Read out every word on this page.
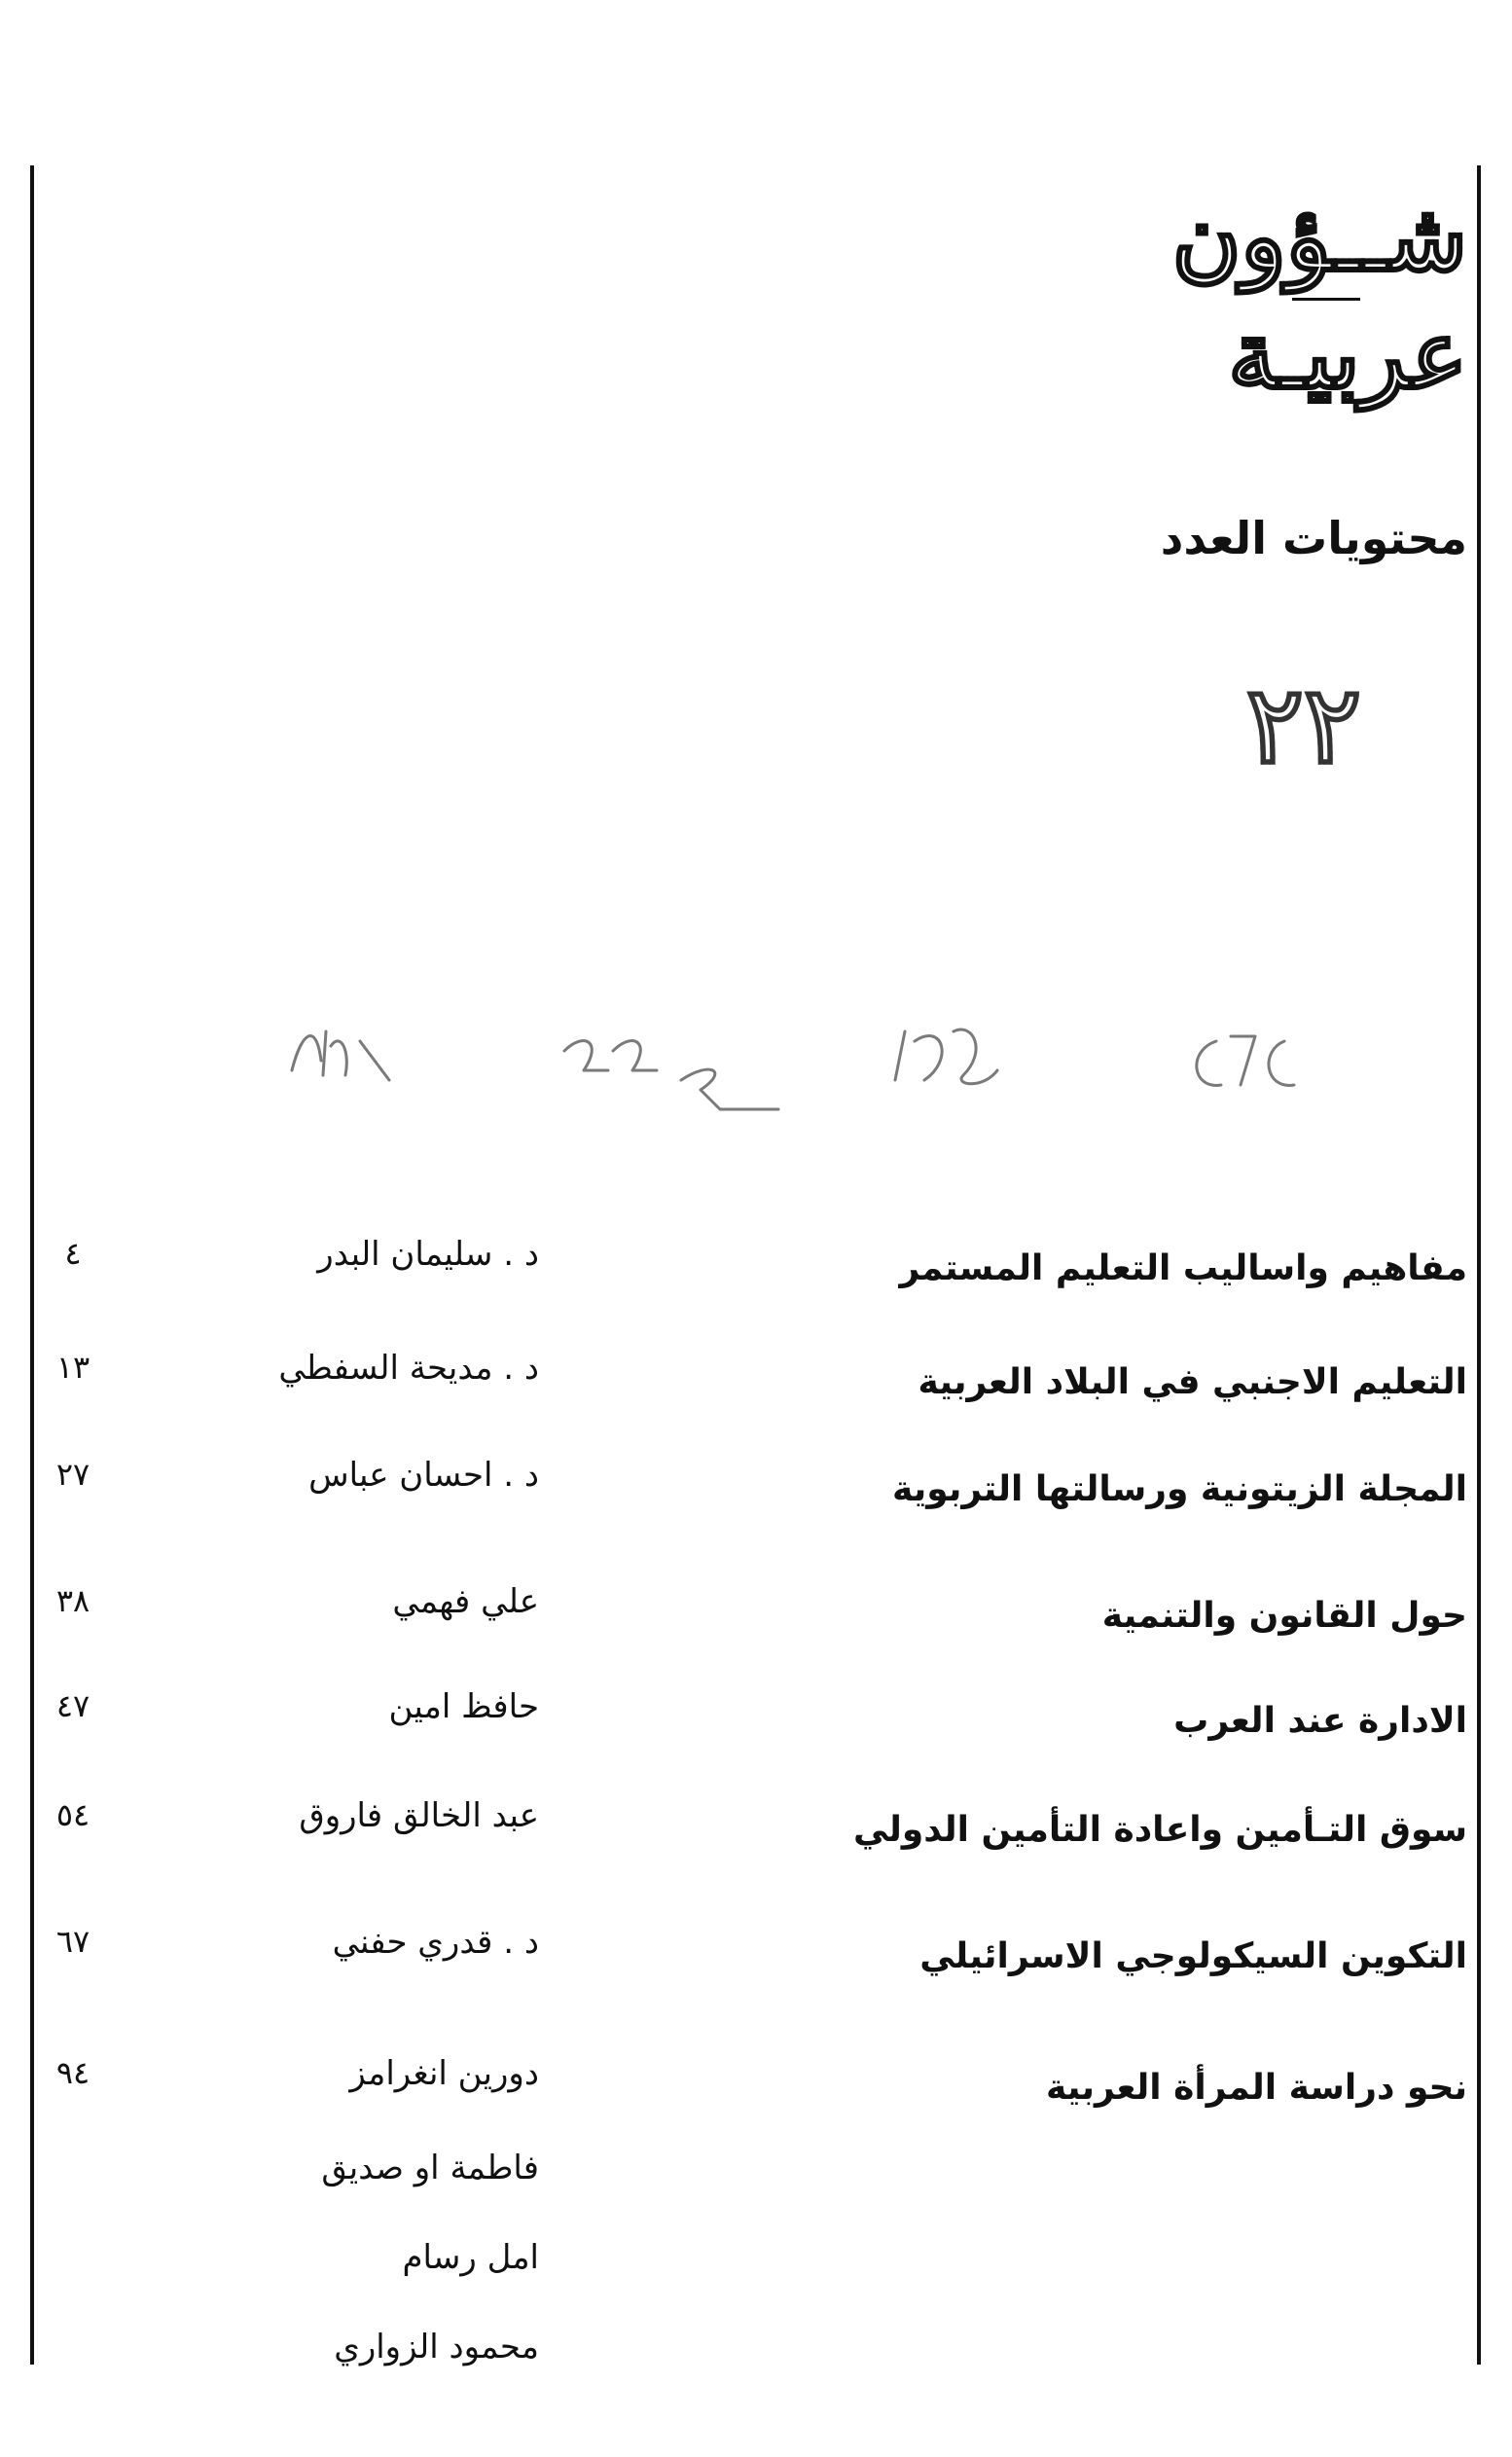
شــؤون
عربيـة
محتويات العدد
٢٢
٨١ 22 ع 1982 676
مفاهيم واساليب التعليم المستمر
د . سليمان البدر
٤
التعليم الاجنبي في البلاد العربية
د . مديحة السفطي
١٣
المجلة الزيتونية ورسالتها التربوية
د . احسان عباس
٢٧
حول القانون والتنمية
علي فهمي
٣٨
الادارة عند العرب
حافظ امين
٤٧
سوق التـأمين واعادة التأمين الدولي
عبد الخالق فاروق
٥٤
التكوين السيكولوجي الاسرائيلي
د . قدري حفني
٦٧
نحو دراسة المرأة العربية
دورين انغرامز
٩٤
فاطمة او صديق
امل رسام
محمود الزواري
